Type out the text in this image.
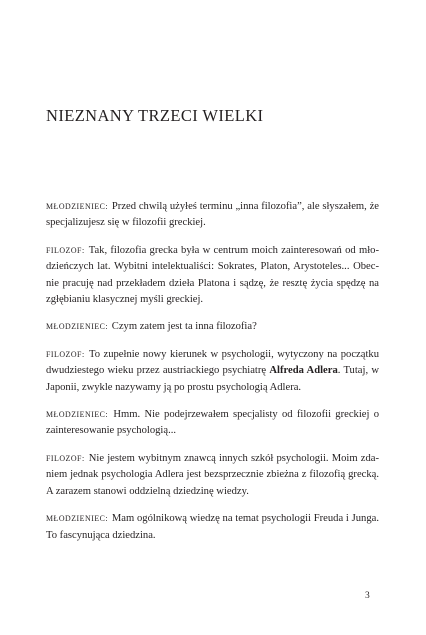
NIEZNANY TRZECI WIELKI

MŁODZIENIEC: Przed chwilą użyłeś terminu „inna filozofia”, ale słyszałem, że specjalizujesz się w filozofii greckiej.

FILOZOF: Tak, filozofia grecka była w centrum moich zainteresowań od młodzieńczych lat. Wybitni intelektualiści: Sokrates, Platon, Arystoteles... Obecnie pracuję nad przekładem dzieła Platona i sądzę, że resztę życia spędzę na zgłębianiu klasycznej myśli greckiej.

MŁODZIENIEC: Czym zatem jest ta inna filozofia?

FILOZOF: To zupełnie nowy kierunek w psychologii, wytyczony na początku dwudziestego wieku przez austriackiego psychiatrę Alfreda Adlera. Tutaj, w Japonii, zwykle nazywamy ją po prostu psychologią Adlera.

MŁODZIENIEC: Hmm. Nie podejrzewałem specjalisty od filozofii greckiej o zainteresowanie psychologią...

FILOZOF: Nie jestem wybitnym znawcą innych szkół psychologii. Moim zdaniem jednak psychologia Adlera jest bezsprzecznie zbieżna z filozofią grecką. A zarazem stanowi oddzielną dziedzinę wiedzy.

MŁODZIENIEC: Mam ogólnikową wiedzę na temat psychologii Freuda i Junga. To fascynująca dziedzina.

3
